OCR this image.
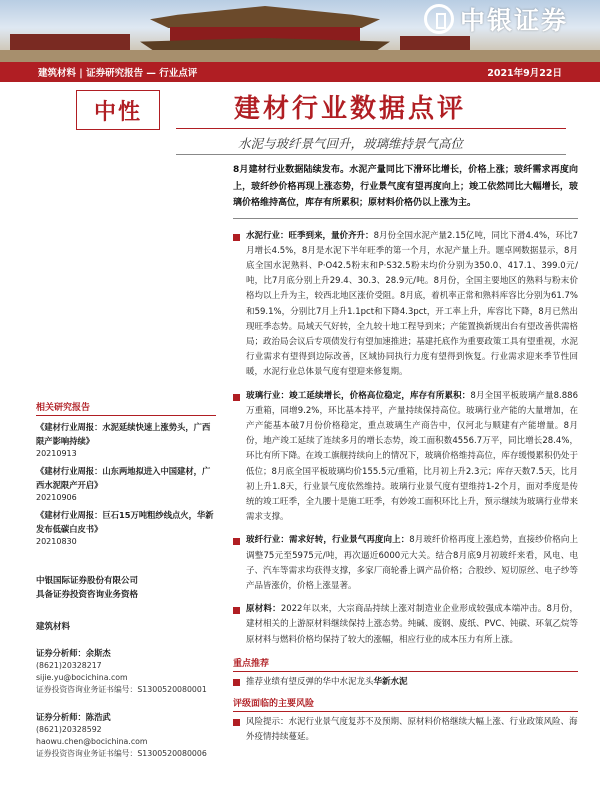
中银证券
建筑材料 | 证券研究报告 — 行业点评	2021年9月22日
中性	建材行业数据点评
水泥与玻纤景气回升，玻璃维持景气高位
8月建材行业数据陆续发布。水泥产量同比下滑环比增长，价格上涨；玻纤需求再度向上，玻纤纱价格再现上涨态势，行业景气度有望再度向上；竣工依然同比大幅增长，玻璃价格维持高位，库存有所累积；原材料价格仍以上涨为主。
水泥行业：旺季到来，量价齐升：8月份全国水泥产量2.15亿吨，同比下滑4.4%，环比7月增长4.5%，8月是水泥下半年旺季的第一个月，水泥产量上升。题卓网数据显示，8月底全国水泥熟料、P·O42.5粉末和P·S32.5粉末均价分别为350.0、417.1、399.0元/吨，比7月底分别上升29.4、30.3、28.9元/吨。8月份，全国主要地区的熟料与粉末价格均以上升为主，较西北地区涨价受阻。8月底，着机率正常和熟料库容比分别为61.7%和59.1%，分别比7月上升1.1pct和下降4.3pct，开工率上升，库容比下降，8月已然出现旺季态势。局域天气好转，全九较十地工程导到来；产能置换新规出台有望改善供需格局；政治局会议后专项债发行有望加速推进；基建托底作为重要政策工具有望重视，水泥行业需求有望得到边际改善，区域协同执行力度有望得到恢复。行业需求迎来季节性回暖，水泥行业总体景气度有望迎来修复期。
玻璃行业：竣工延续增长，价格高位稳定，库存有所累积：8月全国平板玻璃产量8.886万重箱，同增9.2%，环比基本持平，产量持续保持高位。玻璃行业产能的大量增加，在产产能基本破7月份价格稳定，重点玻璃生产商告中，仅河北与顺建有产能增量。8月份，地产竣工延续了连续多月的增长态势，竣工面积数4556.7万平，同比增长28.4%，环比有所下降。在竣工旗舰持续向上的情况下，玻璃价格维持高位，库存缓慢累积仍处于低位；8月底全国平板玻璃均价155.5元/重箱，比月初上升2.3元；库存天数7.5天，比月初上升1.8天，行业景气度依然维持。玻璃行业景气度有望维持1-2个月，面对季度是传统的竣工旺季，全九腰十是施工旺季，有妙竣工面积环比上升，预示继续为玻璃行业带来需求支撑。
玻纤行业：需求好转，行业景气再度向上：8月玻纤价格再度上涨趋势，直接纱价格向上调整75元至5975元/吨，再次逼近6000元大关。结合8月底9月初玻纤来看，风电、电子、汽车等需求均获得支撑，多家厂商轮番上调产品价格；合股纱、短切原丝、电子纱等产品皆涨价，价格上涨显著。
原材料：2022年以来，大宗商品持续上涨对制造业企业形成较强成本端冲击。8月份，建材相关的上游原材料继续保持上涨态势。纯碱、废钢、废纸、PVC、钝碳、环氧乙烷等原材料与燃料价格均保持了较大的涨幅，相应行业的成本压力有所上涨。
重点推荐
推荐业绩有望反弹的华中水泥龙头华新水泥
评级面临的主要风险
风险提示：水泥行业景气度复苏不及预期、原材料价格继续大幅上涨、行业政策风险、海外疫情持续蔓延。
相关研究报告
《建材行业周报：水泥延续快速上涨势头，广西限产影响持续》
20210913
《建材行业周报：山东两地拟进入中国建材，广西水泥限产开启》
20210906
《建材行业周报：巨石15万吨粗纱线点火，华新发布低碳白皮书》
20210830
中银国际证券股份有限公司
具备证券投资咨询业务资格
建筑材料
证券分析师：余斯杰
(8621)20328217
sijie.yu@bocichina.com
证券投资咨询业务证书编号：S1300520080001
证券分析师：陈浩武
(8621)20328592
haowu.chen@bocichina.com
证券投资咨询业务证书编号：S1300520080006
